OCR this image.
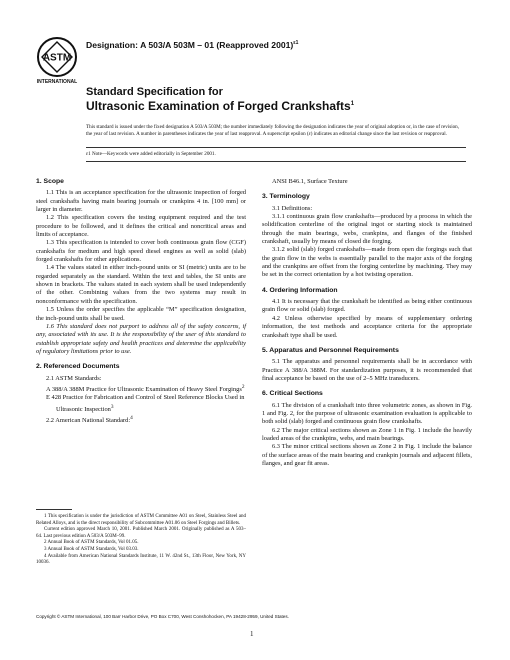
ASTM
INTERNATIONAL
Designation: A 503/A 503M – 01 (Reapproved 2001)$^{\varepsilon 1}$
Standard Specification for
Ultrasonic Examination of Forged Crankshafts$^1$
This standard is issued under the fixed designation A 503/A 503M; the number immediately following the designation indicates the year of original adoption or, in the case of revision, the year of last revision. A number in parentheses indicates the year of last reapproval. A superscript epsilon (ε) indicates an editorial change since the last revision or reapproval.
ε1 Note—Keywords were added editorially in September 2001.
1. Scope

1.1 This is an acceptance specification for the ultrasonic inspection of forged steel crankshafts having main bearing journals or crankpins 4 in. [100 mm] or larger in diameter.

1.2 This specification covers the testing equipment required and the test procedure to be followed, and it defines the critical and noncritical areas and limits of acceptance.

1.3 This specification is intended to cover both continuous grain flow (CGF) crankshafts for medium and high speed diesel engines as well as solid (slab) forged crankshafts for other applications.

1.4 The values stated in either inch-pound units or SI (metric) units are to be regarded separately as the standard. Within the text and tables, the SI units are shown in brackets. The values stated in each system shall be used independently of the other. Combining values from the two systems may result in nonconformance with the specification.

1.5 Unless the order specifies the applicable “M” specification designation, the inch-pound units shall be used.

1.6 This standard does not purport to address all of the safety concerns, if any, associated with its use. It is the responsibility of the user of this standard to establish appropriate safety and health practices and determine the applicability of regulatory limitations prior to use.

2. Referenced Documents

2.1 ASTM Standards:

A 388/A 388M Practice for Ultrasonic Examination of Heavy Steel Forgings$^2$

E 428 Practice for Fabrication and Control of Steel Reference Blocks Used in Ultrasonic Inspection$^3$

2.2 American National Standard:$^4$

1 This specification is under the jurisdiction of ASTM Committee A01 on Steel, Stainless Steel and Related Alloys, and is the direct responsibility of Subcommittee A01.06 on Steel Forgings and Billets.

Current edition approved March 10, 2001. Published March 2001. Originally published as A 503–64. Last previous edition A 503/A 503M–99.

2 Annual Book of ASTM Standards, Vol 01.05.

3 Annual Book of ASTM Standards, Vol 03.03.

4 Available from American National Standards Institute, 11 W. 42nd St., 13th Floor, New York, NY 10036.

ANSI B46.1, Surface Texture

3. Terminology

3.1 Definitions:

3.1.1 continuous grain flow crankshafts—produced by a process in which the solidification centerline of the original ingot or starting stock is maintained through the main bearings, webs, crankpins, and flanges of the finished crankshaft, usually by means of closed die forging.

3.1.2 solid (slab) forged crankshafts—made from open die forgings such that the grain flow in the webs is essentially parallel to the major axis of the forging and the crankpins are offset from the forging centerline by machining. They may be set in the correct orientation by a hot twisting operation.

4. Ordering Information

4.1 It is necessary that the crankshaft be identified as being either continuous grain flow or solid (slab) forged.

4.2 Unless otherwise specified by means of supplementary ordering information, the test methods and acceptance criteria for the appropriate crankshaft type shall be used.

5. Apparatus and Personnel Requirements

5.1 The apparatus and personnel requirements shall be in accordance with Practice A 388/A 388M. For standardization purposes, it is recommended that final acceptance be based on the use of 2–5 MHz transducers.

6. Critical Sections

6.1 The division of a crankshaft into three volumetric zones, as shown in Fig. 1 and Fig. 2, for the purpose of ultrasonic examination evaluation is applicable to both solid (slab) forged and continuous grain flow crankshafts.

6.2 The major critical sections shown as Zone 1 in Fig. 1 include the heavily loaded areas of the crankpins, webs, and main bearings.

6.3 The minor critical sections shown as Zone 2 in Fig. 1 include the balance of the surface areas of the main bearing and crankpin journals and adjacent fillets, flanges, and gear fit areas.

Copyright © ASTM International, 100 Barr Harbor Drive, PO Box C700, West Conshohocken, PA 19428-2959, United States.
1
